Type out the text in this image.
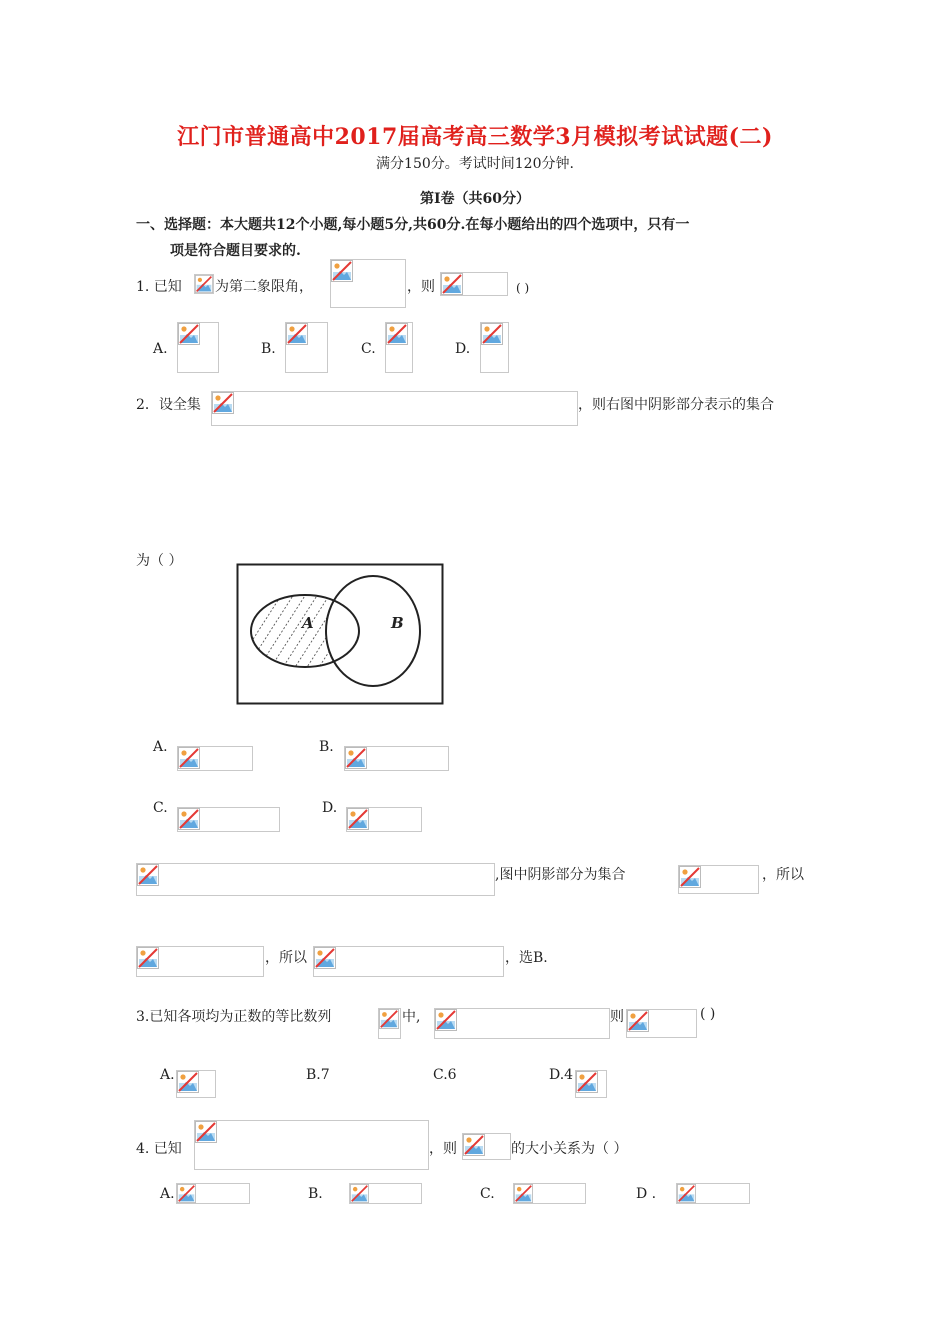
江门市普通高中2017届高考高三数学3月模拟考试试题(二)
满分150分。考试时间120分钟.
第Ⅰ卷（共60分）
一、选择题：本大题共12个小题,每小题5分,共60分.在每小题给出的四个选项中，只有一
项是符合题目要求的.
1. 已知 为第二象限角，	，则	( )
A.	B.	C.	D.
2．设全集	，则右图中阴影部分表示的集合
为（ ）
A	B
A.	B.
C.	D.
,图中阴影部分为集合	，所以
，所以	，选B.
3.已知各项均为正数的等比数列	中,	则	( )
A.	B.7	C.6	D.4
4. 已知	，则	的大小关系为（ ）
A.	B.	C.	D .
